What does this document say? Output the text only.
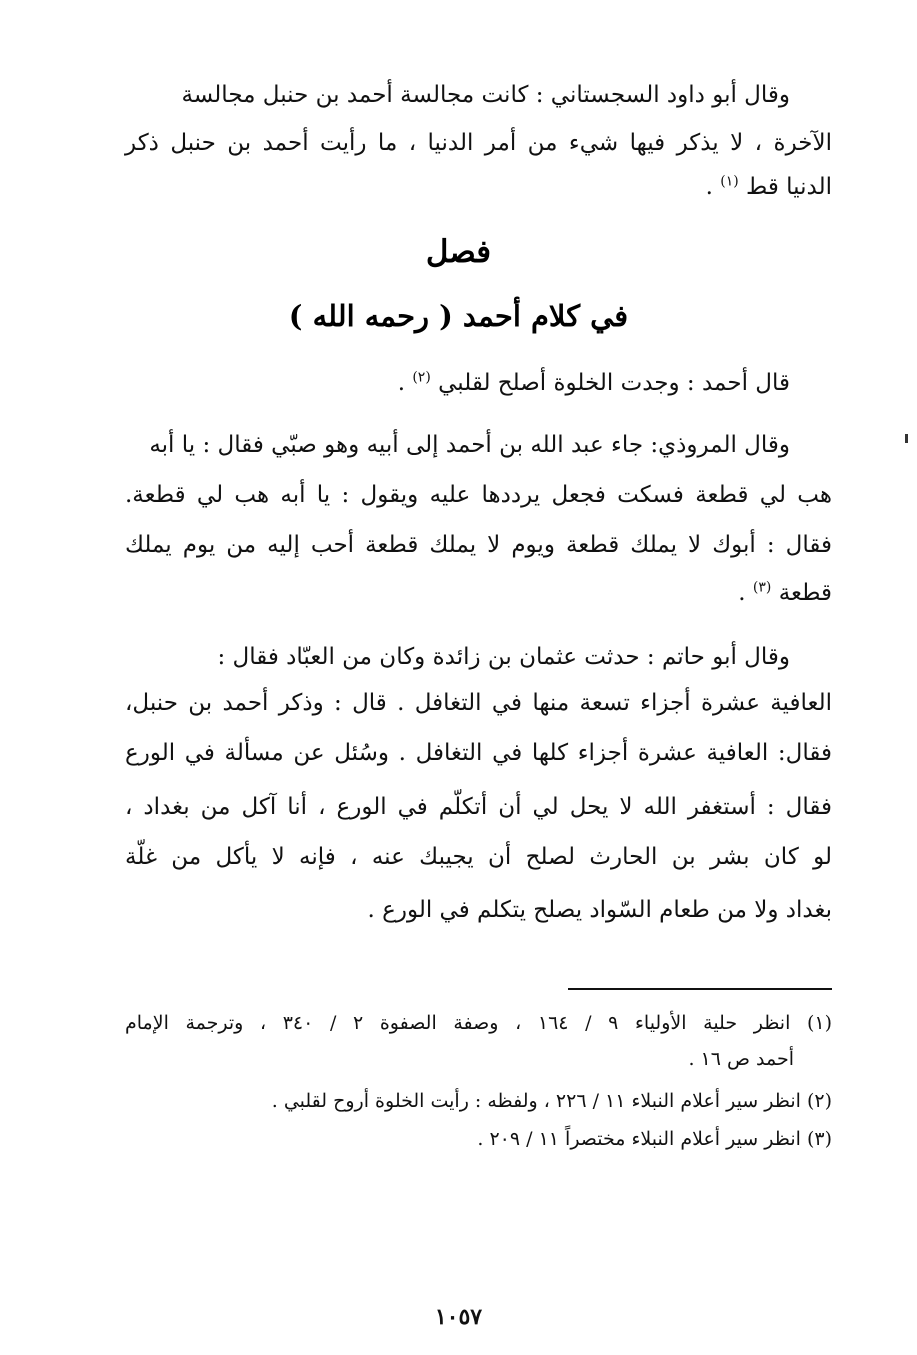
وقال أبو داود السجستاني : كانت مجالسة أحمد بن حنبل مجالسة
الآخرة ، لا يذكر فيها شيء من أمر الدنيا ، ما رأيت أحمد بن حنبل ذكر
الدنيا قط $^{(١)}$ .
فصل
في كلام أحمد ( رحمه الله )
قال أحمد : وجدت الخلوة أصلح لقلبي $^{(٢)}$ .
وقال المروذي: جاء عبد الله بن أحمد إلى أبيه وهو صبّي فقال : يا أبه
هب لي قطعة فسكت فجعل يرددها عليه ويقول : يا أبه هب لي قطعة.
فقال : أبوك لا يملك قطعة ويوم لا يملك قطعة أحب إليه من يوم يملك
قطعة $^{(٣)}$ .
وقال أبو حاتم : حدثت عثمان بن زائدة وكان من العبّاد فقال :
العافية عشرة أجزاء تسعة منها في التغافل . قال : وذكر أحمد بن حنبل،
فقال: العافية عشرة أجزاء كلها في التغافل . وسُئل عن مسألة في الورع
فقال : أستغفر الله لا يحل لي أن أتكلّم في الورع ، أنا آكل من بغداد ،
لو كان بشر بن الحارث لصلح أن يجيبك عنه ، فإنه لا يأكل من غلّة
بغداد ولا من طعام السّواد يصلح يتكلم في الورع .
(١) انظر حلية الأولياء ٩ / ١٦٤ ، وصفة الصفوة ٢ / ٣٤٠ ، وترجمة الإمام
أحمد ص ١٦ .
(٢) انظر سير أعلام النبلاء ١١ / ٢٢٦ ، ولفظه : رأيت الخلوة أروح لقلبي .
(٣) انظر سير أعلام النبلاء مختصراً ١١ / ٢٠٩ .
١٠٥٧
